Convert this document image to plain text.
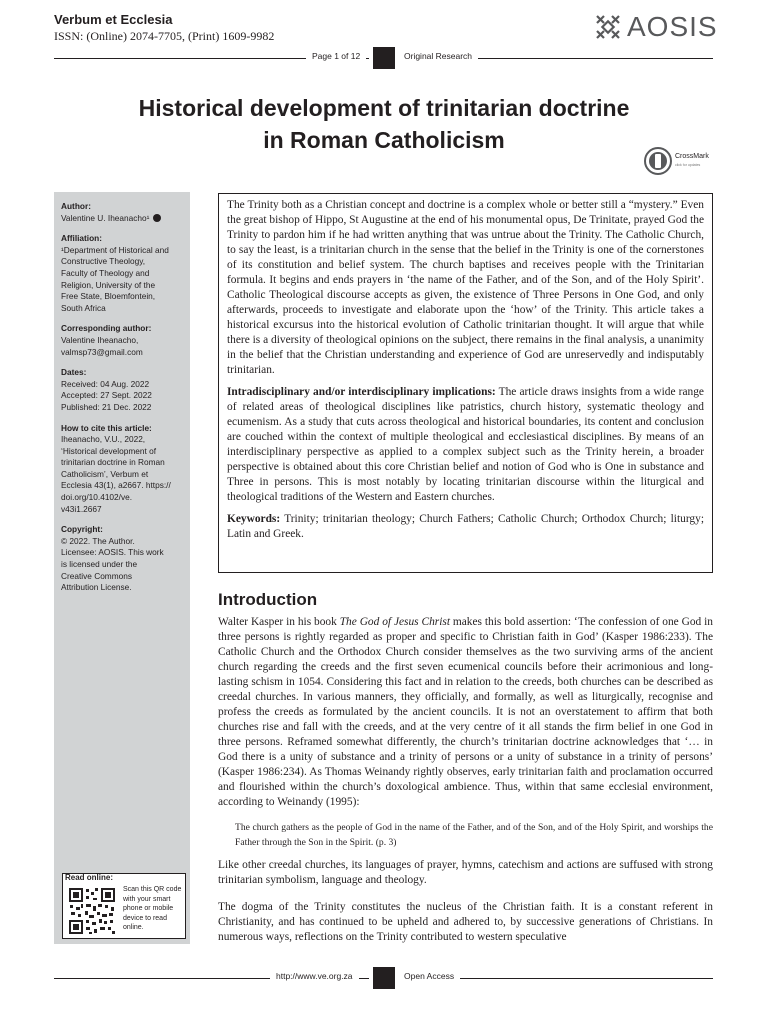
Verbum et Ecclesia
ISSN: (Online) 2074-7705, (Print) 1609-9982	AOSIS
Page 1 of 12	Original Research
Historical development of trinitarian doctrine
in Roman Catholicism
CrossMark
click for updates
Author:
Valentine U. Iheanacho¹
Affiliation:
¹Department of Historical and
Constructive Theology,
Faculty of Theology and
Religion, University of the
Free State, Bloemfontein,
South Africa
Corresponding author:
Valentine Iheanacho,
valmsp73@gmail.com
Dates:
Received: 04 Aug. 2022
Accepted: 27 Sept. 2022
Published: 21 Dec. 2022
How to cite this article:
Iheanacho, V.U., 2022,
‘Historical development of
trinitarian doctrine in Roman
Catholicism’, Verbum et
Ecclesia 43(1), a2667. https://
doi.org/10.4102/ve.
v43i1.2667
Copyright:
© 2022. The Author.
Licensee: AOSIS. This work
is licensed under the
Creative Commons
Attribution License.
Read online:
Scan this QR code with your smart phone or mobile device to read online.

The Trinity both as a Christian concept and doctrine is a complex whole or better still a “mystery.” Even the great bishop of Hippo, St Augustine at the end of his monumental opus, De Trinitate, prayed God the Trinity to pardon him if he had written anything that was untrue about the Trinity. The Catholic Church, to say the least, is a trinitarian church in the sense that the belief in the Trinity is one of the cornerstones of its constitution and belief system. The church baptises and receives people with the Trinitarian formula. It begins and ends prayers in ‘the name of the Father, and of the Son, and of the Holy Spirit’. Catholic Theological discourse accepts as given, the existence of Three Persons in One God, and only afterwards, proceeds to investigate and elaborate upon the ‘how’ of the Trinity. This article takes a historical excursus into the historical evolution of Catholic trinitarian thought. It will argue that while there is a diversity of theological opinions on the subject, there remains in the final analysis, a unanimity in the belief that the Christian understanding and experience of God are unreservedly and indisputably trinitarian.

Intradisciplinary and/or interdisciplinary implications: The article draws insights from a wide range of related areas of theological disciplines like patristics, church history, systematic theology and ecumenism. As a study that cuts across theological and historical boundaries, its content and conclusion are couched within the context of multiple theological and ecclesiastical disciplines. By means of an interdisciplinary perspective as applied to a complex subject such as the Trinity herein, a broader perspective is obtained about this core Christian belief and notion of God who is One in substance and Three in persons. This is most notably by locating trinitarian discourse within the liturgical and theological traditions of the Western and Eastern churches.

Keywords: Trinity; trinitarian theology; Church Fathers; Catholic Church; Orthodox Church; liturgy; Latin and Greek.

Introduction

Walter Kasper in his book The God of Jesus Christ makes this bold assertion: ‘The confession of one God in three persons is rightly regarded as proper and specific to Christian faith in God’ (Kasper 1986:233). The Catholic Church and the Orthodox Church consider themselves as the two surviving arms of the ancient church regarding the creeds and the first seven ecumenical councils before their acrimonious and long-lasting schism in 1054. Considering this fact and in relation to the creeds, both churches can be described as creedal churches. In various manners, they officially, and formally, as well as liturgically, recognise and profess the creeds as formulated by the ancient councils. It is not an overstatement to affirm that both churches rise and fall with the creeds, and at the very centre of it all stands the firm belief in one God in three persons. Reframed somewhat differently, the church’s trinitarian doctrine acknowledges that ‘… in God there is a unity of substance and a trinity of persons or a unity of substance in a trinity of persons’ (Kasper 1986:234). As Thomas Weinandy rightly observes, early trinitarian faith and proclamation occurred and flourished within the church’s doxological ambience. Thus, within that same ecclesial environment, according to Weinandy (1995):

The church gathers as the people of God in the name of the Father, and of the Son, and of the Holy Spirit, and worships the Father through the Son in the Spirit. (p. 3)

Like other creedal churches, its languages of prayer, hymns, catechism and actions are suffused with strong trinitarian symbolism, language and theology.

The dogma of the Trinity constitutes the nucleus of the Christian faith. It is a constant referent in Christianity, and has continued to be upheld and adhered to, by successive generations of Christians. In numerous ways, reflections on the Trinity contributed to western speculative

http://www.ve.org.za	Open Access
